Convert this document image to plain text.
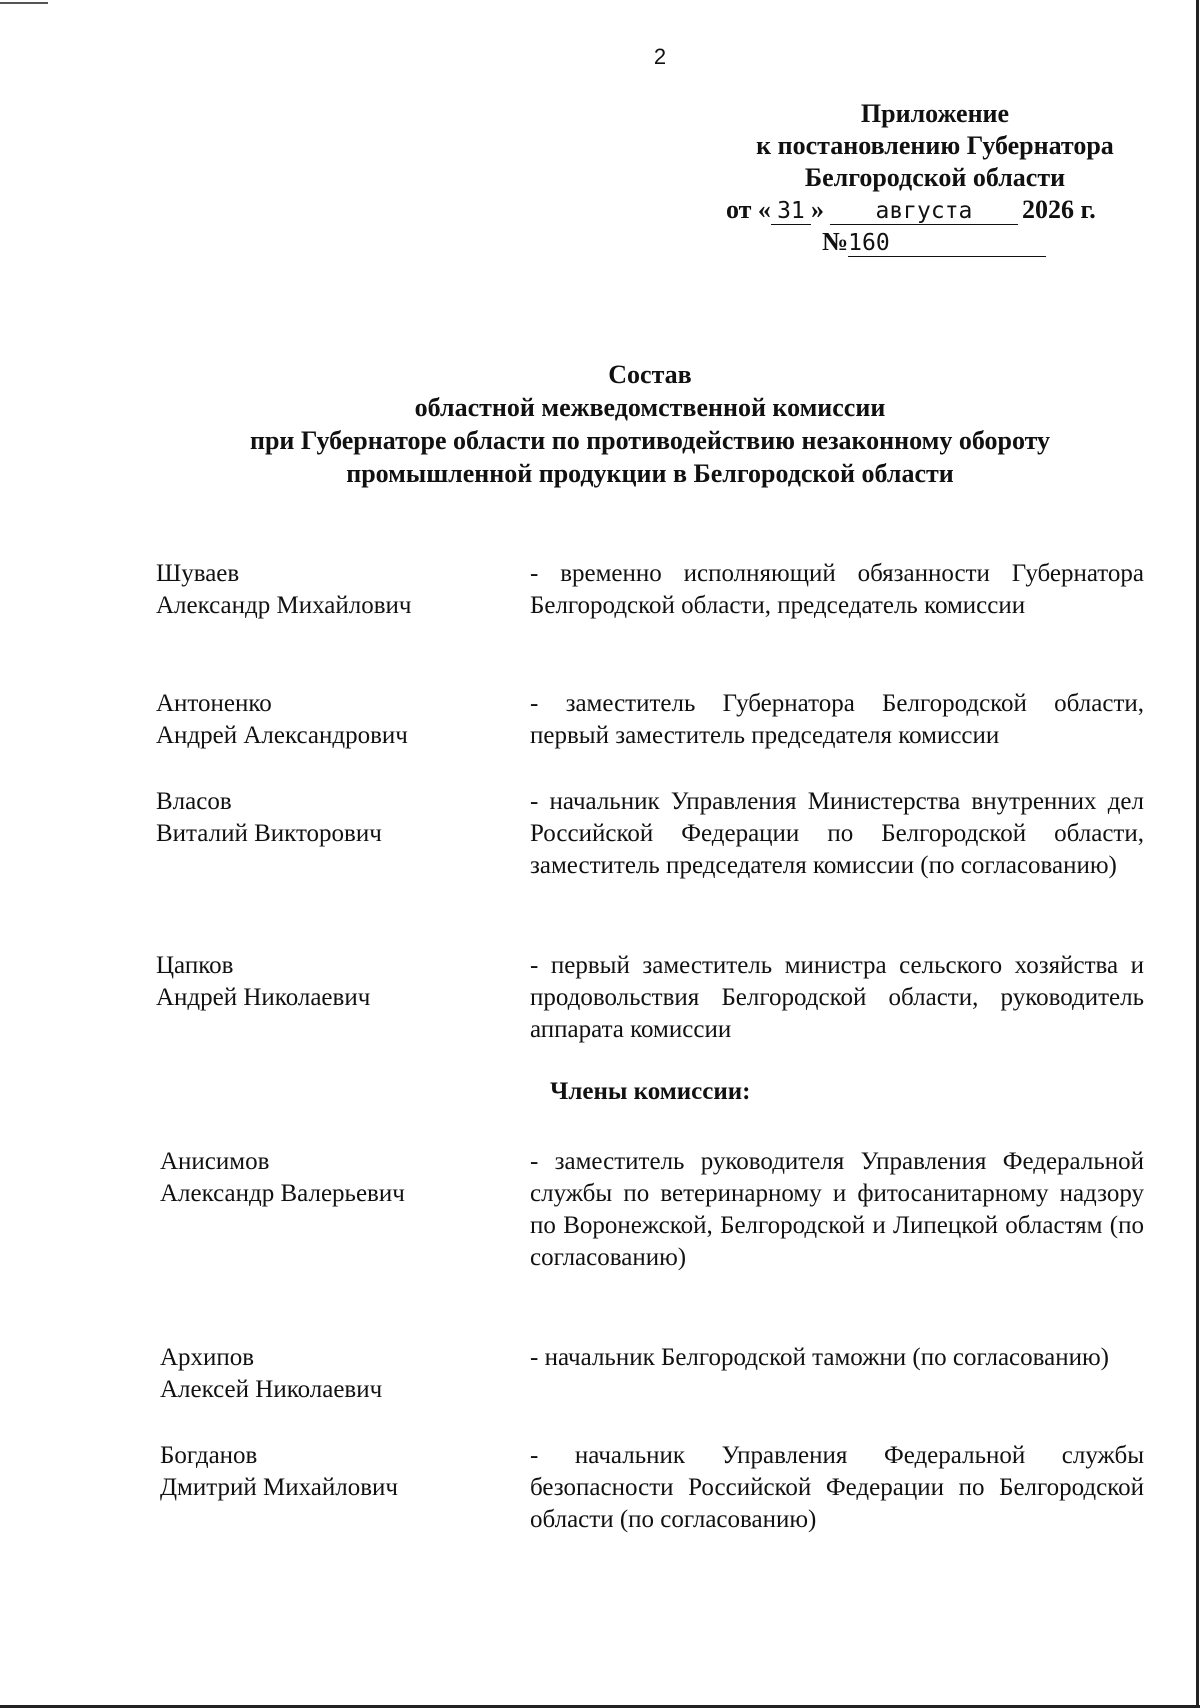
2
Приложение
к постановлению Губернатора
Белгородской области
от « 31 » августа 2026 г.
№160
Состав
областной межведомственной комиссии
при Губернаторе области по противодействию незаконному обороту
промышленной продукции в Белгородской области
Шуваев
Александр Михайлович
- временно исполняющий обязанности Губернатора Белгородской области, председатель комиссии
Антоненко
Андрей Александрович
- заместитель Губернатора Белгородской области, первый заместитель председателя комиссии
Власов
Виталий Викторович
- начальник Управления Министерства внутренних дел Российской Федерации по Белгородской области, заместитель председателя комиссии (по согласованию)
Цапков
Андрей Николаевич
- первый заместитель министра сельского хозяйства и продовольствия Белгородской области, руководитель аппарата комиссии
Члены комиссии:
Анисимов
Александр Валерьевич
- заместитель руководителя Управления Федеральной службы по ветеринарному и фитосанитарному надзору по Воронежской, Белгородской и Липецкой областям (по согласованию)
Архипов
Алексей Николаевич
- начальник Белгородской таможни (по согласованию)
Богданов
Дмитрий Михайлович
- начальник Управления Федеральной службы безопасности Российской Федерации по Белгородской области (по согласованию)
